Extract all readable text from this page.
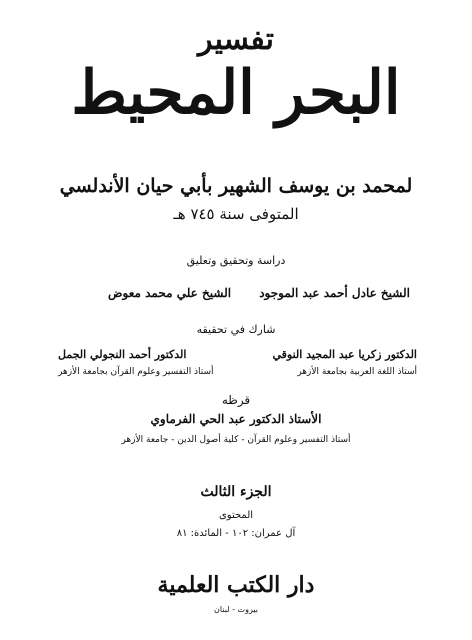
تفسير
البحر المحيط
لمحمد بن يوسف الشهير بأبي حيان الأندلسي
المتوفى سنة ٧٤٥ هـ
دراسة وتحقيق وتعليق
الشيخ عادل أحمد عبد الموجود
الشيخ علي محمد معوض
شارك في تحقيقه
الدكتور زكريا عبد المجيد النوقي
أستاذ اللغة العربية بجامعة الأزهر
الدكتور أحمد النجولي الجمل
أستاذ التفسير وعلوم القرآن بجامعة الأزهر
قرظه
الأستاذ الدكتور عبد الحي الفرماوي
أستاذ التفسير وعلوم القرآن - كلية أصول الدين - جامعة الأزهر
الجزء الثالث
المحتوى
آل عمران: ١٠٢ - المائدة: ٨١
دار الكتب العلمية
بيروت - لبنان
